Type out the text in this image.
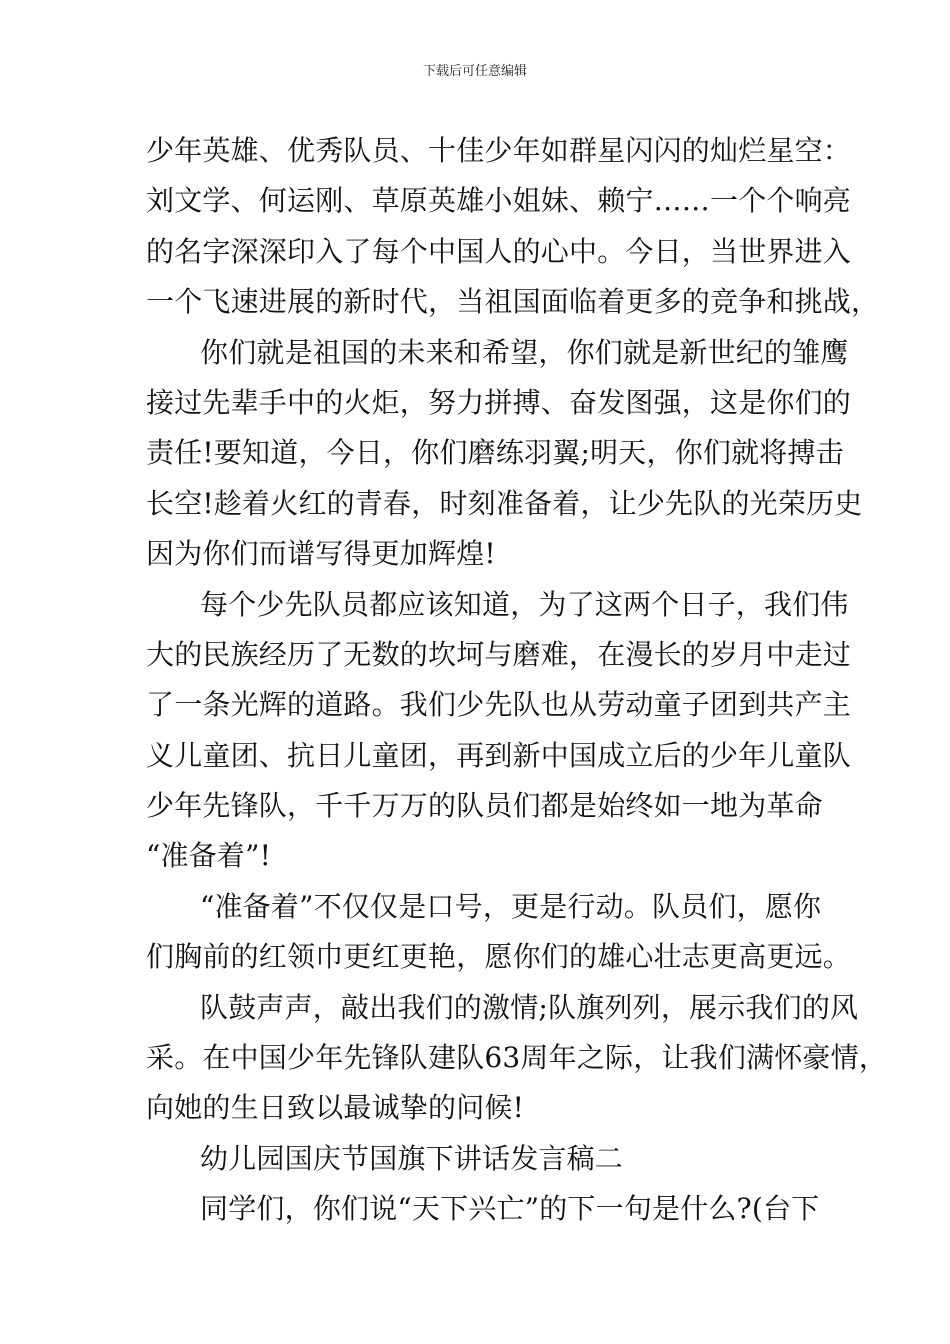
下载后可任意编辑
少年英雄、优秀队员、十佳少年如群星闪闪的灿烂星空：
刘文学、何运刚、草原英雄小姐妹、赖宁……一个个响亮
的名字深深印入了每个中国人的心中。今日，当世界进入
一个飞速进展的新时代，当祖国面临着更多的竞争和挑战，
你们就是祖国的未来和希望，你们就是新世纪的雏鹰
接过先辈手中的火炬，努力拼搏、奋发图强，这是你们的
责任!要知道，今日，你们磨练羽翼;明天，你们就将搏击
长空!趁着火红的青春，时刻准备着，让少先队的光荣历史
因为你们而谱写得更加辉煌!
每个少先队员都应该知道，为了这两个日子，我们伟
大的民族经历了无数的坎坷与磨难，在漫长的岁月中走过
了一条光辉的道路。我们少先队也从劳动童子团到共产主
义儿童团、抗日儿童团，再到新中国成立后的少年儿童队
少年先锋队，千千万万的队员们都是始终如一地为革命
“准备着”!
“准备着”不仅仅是口号，更是行动。队员们，愿你
们胸前的红领巾更红更艳，愿你们的雄心壮志更高更远。
队鼓声声，敲出我们的激情;队旗列列，展示我们的风
采。在中国少年先锋队建队63周年之际，让我们满怀豪情，
向她的生日致以最诚挚的问候!
幼儿园国庆节国旗下讲话发言稿二
同学们，你们说“天下兴亡”的下一句是什么?(台下
